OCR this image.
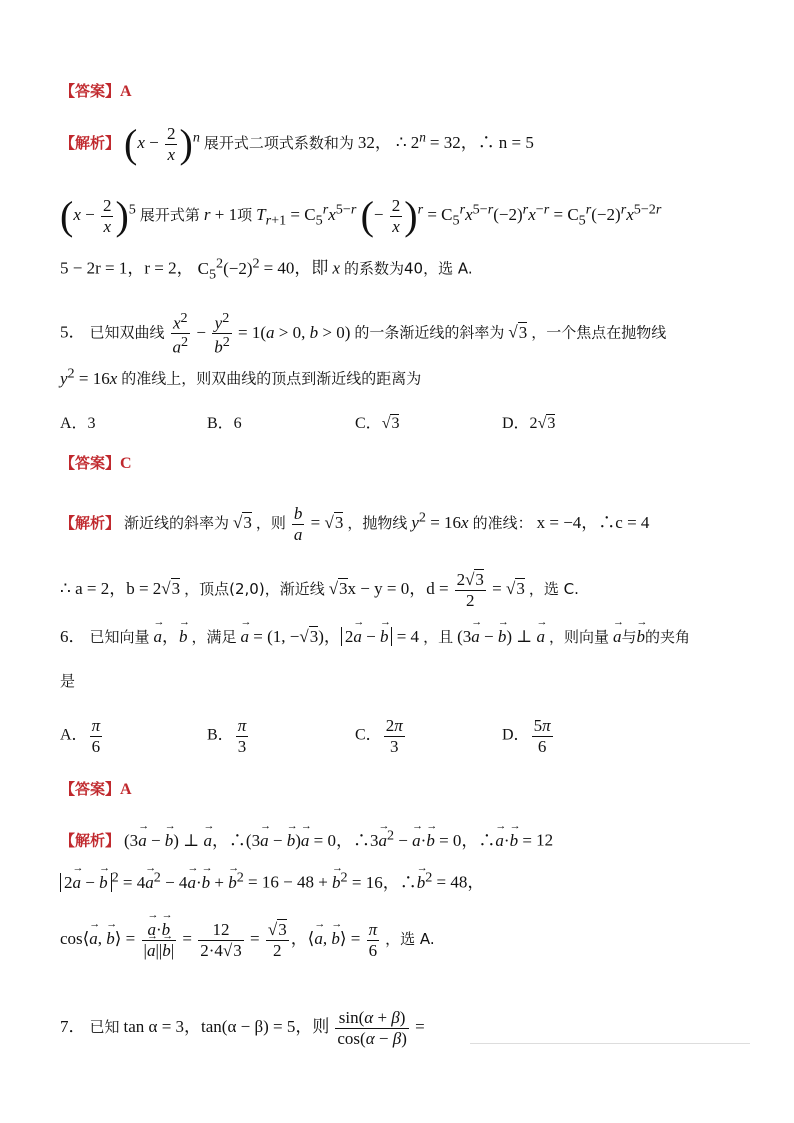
【答案】A
【解析】 $(x - \frac{2}{x} )^n$ 展开式二项式系数和为 32， ∴ $2^n = 32$，∴ n = 5
$(x - \frac{2}{x} )^5$ 展开式第 r + 1项 $T_{r+1} = C_5^rx^{5-r}$ (− $\frac{2}{x} )^r = C_5^rx^{5-r}(-2)^rx^{-r} = C_5^r(-2)^rx^{5-2r}$
5 − 2r = 1，r = 2， $C_5^2(-2)^2 = 40$，即 x 的系数为40，选 A.
5． 已知双曲线 $\frac{x^2}{a^2} - \frac{y^2}{b^2} = 1(a > 0$, b > 0) 的一条渐近线的斜率为 √3 ，一个焦点在抛物线
$y^2 = 16x$ 的准线上，则双曲线的顶点到渐近线的距离为
A．3	B．6	C．√3	D．2√3
【答案】C
【解析】 渐近线的斜率为 √3 ，则 $\frac{b}{a} = √3$ ，抛物线 $y^2 = 16x$ 的准线： x = −4，∴c = 4
∴ a = 2，b = 2√3 ，顶点(2,0)，渐近线 √3x − y = 0，$d = \frac{2√3}{2} = √3$ ，选 C.
6． 已知向量 → a，→ b ，满足 → a = (1, −√3)， 2→ a − → b = 4 ，且 (3→ a − → b) ⊥ → a ，则向量 → a与→ b的夹角
是
A． $\frac{\pi}{6}$	B． $\frac{\pi}{3}$	C． $\frac{2\pi}{3}$	D． $\frac{5\pi}{6}$
【答案】A
【解析】 (3→ a − → b) ⊥ → a，∴(3→ a − → b)→ a = 0，∴3→ $a^2$ − → a·→ b = 0，∴→ a·→ b = 12
2→ a − → b $^2 = 4\to a^2 - 4\to a\cdot\to b$ + → $b^2 = 16 - 48$ + → $b^2 = 16$，∴→ $b^2 = 48$，
cos⟨→ a, → b⟩ = → $\frac{a\cdot\to b}{|\to a||\to b|} = \frac{12}{2\cdot 4√3} = \frac{√3}{2}$ ，⟨→ a, → b⟩ = $\frac{\pi}{6}$ ，选 A.
7． 已知 tan α = 3，tan(α − β) = 5，则 $\frac{\sin(\alpha + \beta)}{\cos(\alpha - \beta)}$ =
